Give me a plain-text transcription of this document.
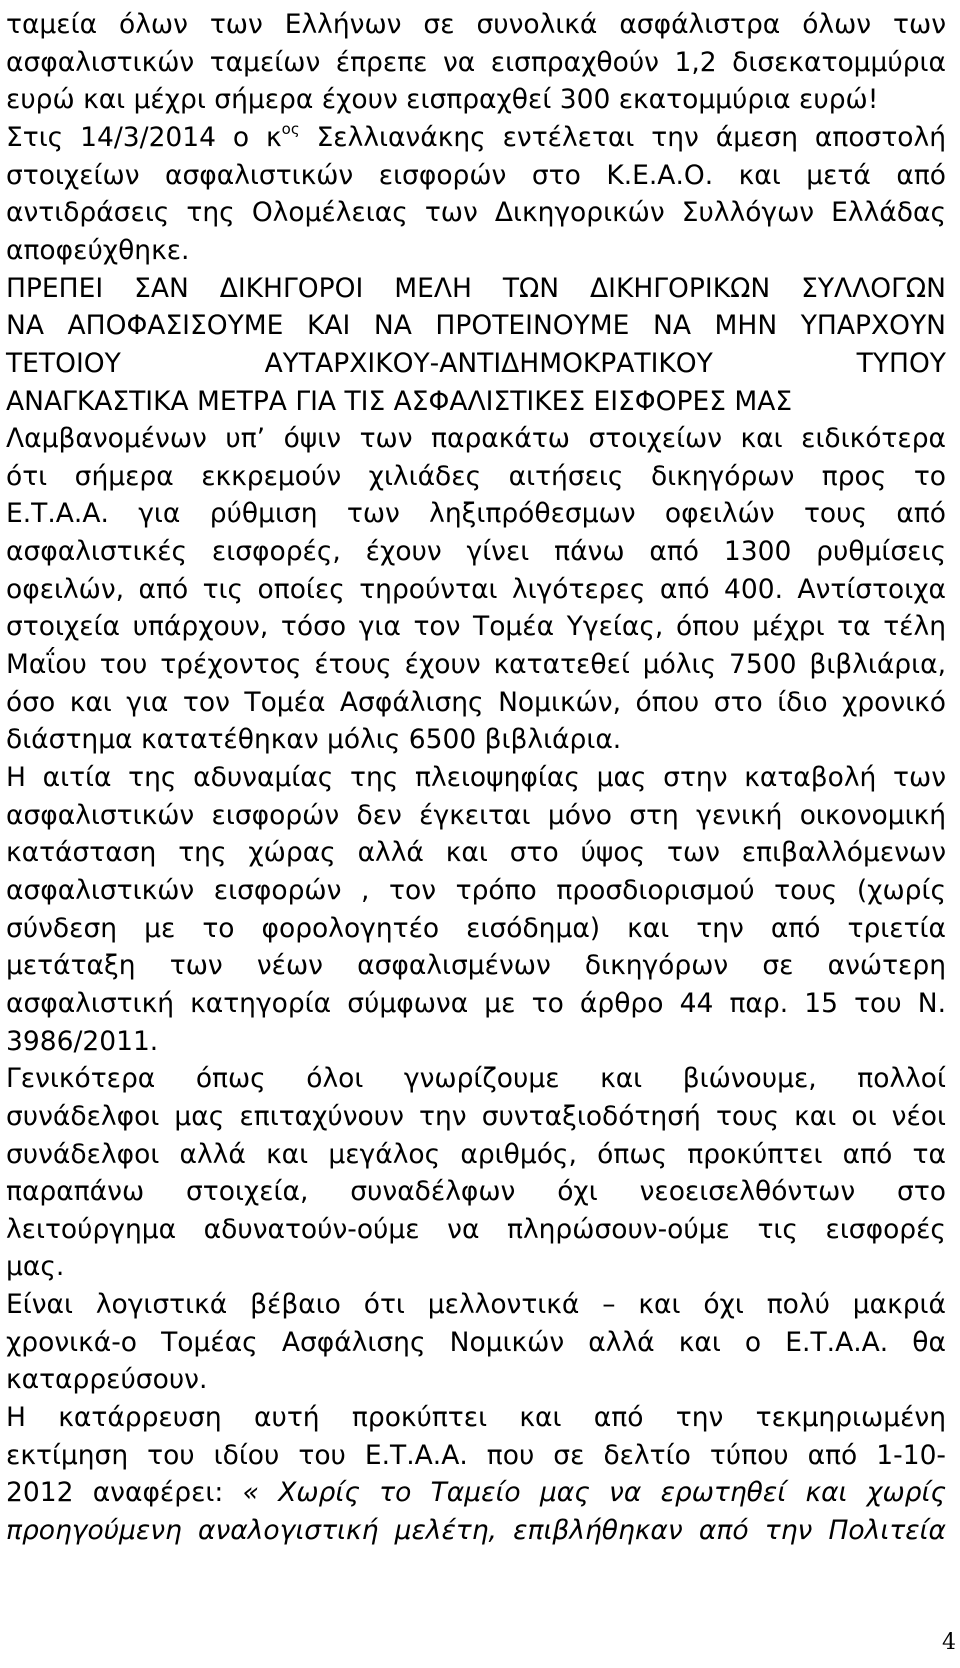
ταμεία όλων των Ελλήνων σε συνολικά ασφάλιστρα όλων των

ασφαλιστικών ταμείων έπρεπε να εισπραχθούν 1,2 δισεκατομμύρια

ευρώ και μέχρι σήμερα έχουν εισπραχθεί 300 εκατομμύρια ευρώ!

Στις 14/3/2014 ο $\kappa^{o\varsigma}$ Σελλιανάκης εντέλεται την άμεση αποστολή

στοιχείων ασφαλιστικών εισφορών στο Κ.Ε.Α.Ο. και μετά από

αντιδράσεις της Ολομέλειας των Δικηγορικών Συλλόγων Ελλάδας

αποφεύχθηκε.

ΠΡΕΠΕΙ ΣΑΝ ΔΙΚΗΓΟΡΟΙ ΜΕΛΗ ΤΩΝ ΔΙΚΗΓΟΡΙΚΩΝ ΣΥΛΛΟΓΩΝ

ΝΑ ΑΠΟΦΑΣΙΣΟΥΜΕ ΚΑΙ ΝΑ ΠΡΟΤΕΙΝΟΥΜΕ ΝΑ ΜΗΝ ΥΠΑΡΧΟΥΝ

ΤΕΤΟΙΟΥ ΑΥΤΑΡΧΙΚΟΥ-ΑΝΤΙΔΗΜΟΚΡΑΤΙΚΟΥ ΤΥΠΟΥ

ΑΝΑΓΚΑΣΤΙΚΑ ΜΕΤΡΑ ΓΙΑ ΤΙΣ ΑΣΦΑΛΙΣΤΙΚΕΣ ΕΙΣΦΟΡΕΣ ΜΑΣ

Λαμβανομένων υπ’ όψιν των παρακάτω στοιχείων και ειδικότερα

ότι σήμερα εκκρεμούν χιλιάδες αιτήσεις δικηγόρων προς το

Ε.Τ.Α.Α. για ρύθμιση των ληξιπρόθεσμων οφειλών τους από

ασφαλιστικές εισφορές, έχουν γίνει πάνω από 1300 ρυθμίσεις

οφειλών, από τις οποίες τηρούνται λιγότερες από 400. Αντίστοιχα

στοιχεία υπάρχουν, τόσο για τον Τομέα Υγείας, όπου μέχρι τα τέλη

Μαΐου του τρέχοντος έτους έχουν κατατεθεί μόλις 7500 βιβλιάρια,

όσο και για τον Τομέα Ασφάλισης Νομικών, όπου στο ίδιο χρονικό

διάστημα κατατέθηκαν μόλις 6500 βιβλιάρια.

Η αιτία της αδυναμίας της πλειοψηφίας μας στην καταβολή των

ασφαλιστικών εισφορών δεν έγκειται μόνο στη γενική οικονομική

κατάσταση της χώρας αλλά και στο ύψος των επιβαλλόμενων

ασφαλιστικών εισφορών , τον τρόπο προσδιορισμού τους (χωρίς

σύνδεση με το φορολογητέο εισόδημα) και την από τριετία

μετάταξη των νέων ασφαλισμένων δικηγόρων σε ανώτερη

ασφαλιστική κατηγορία σύμφωνα με το άρθρο 44 παρ. 15 του Ν.

3986/2011.

Γενικότερα όπως όλοι γνωρίζουμε και βιώνουμε, πολλοί

συνάδελφοι μας επιταχύνουν την συνταξιοδότησή τους και οι νέοι

συνάδελφοι αλλά και μεγάλος αριθμός, όπως προκύπτει από τα

παραπάνω στοιχεία, συναδέλφων όχι νεοεισελθόντων στο

λειτούργημα αδυνατούν-ούμε να πληρώσουν-ούμε τις εισφορές

μας.

Είναι λογιστικά βέβαιο ότι μελλοντικά – και όχι πολύ μακριά

χρονικά-ο Τομέας Ασφάλισης Νομικών αλλά και ο Ε.Τ.Α.Α. θα

καταρρεύσουν.

Η κατάρρευση αυτή προκύπτει και από την τεκμηριωμένη

εκτίμηση του ιδίου του Ε.Τ.Α.Α. που σε δελτίο τύπου από 1-10-

2012 αναφέρει: « Χωρίς το Ταμείο μας να ερωτηθεί και χωρίς

προηγούμενη αναλογιστική μελέτη, επιβλήθηκαν από την Πολιτεία

4
